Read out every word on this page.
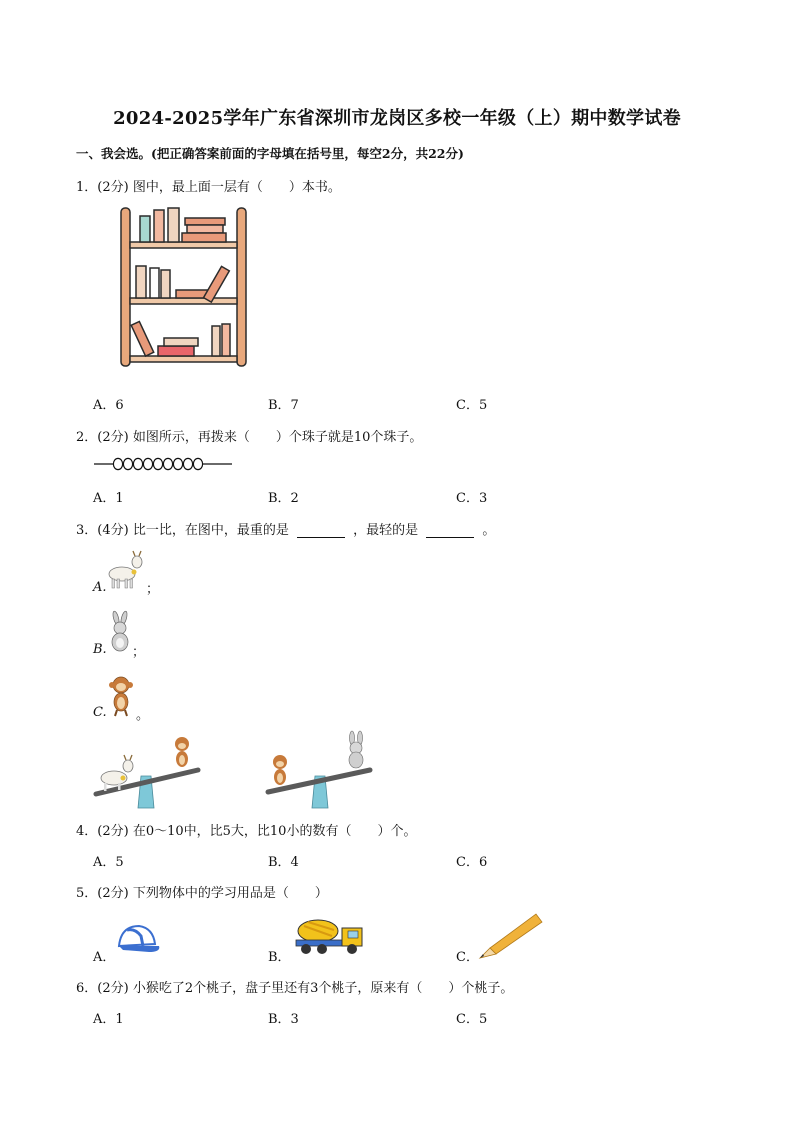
2024-2025学年广东省深圳市龙岗区多校一年级（上）期中数学试卷
一、我会选。(把正确答案前面的字母填在括号里，每空2分，共22分)
1．(2分) 图中，最上面一层有（　　）本书。
A．6	B．7	C．5
2．(2分) 如图所示，再拨来（　　）个珠子就是10个珠子。
A．1	B．2	C．3
3．(4分) 比一比，在图中，最重的是	，最轻的是	。
A.	；
B. ；
C. 。
4．(2分) 在0～10中，比5大，比10小的数有（　　）个。
A．5	B．4	C．6
5．(2分) 下列物体中的学习用品是（　　）
A．	B．	C．
6．(2分) 小猴吃了2个桃子，盘子里还有3个桃子，原来有（　　）个桃子。
A．1	B．3	C．5
